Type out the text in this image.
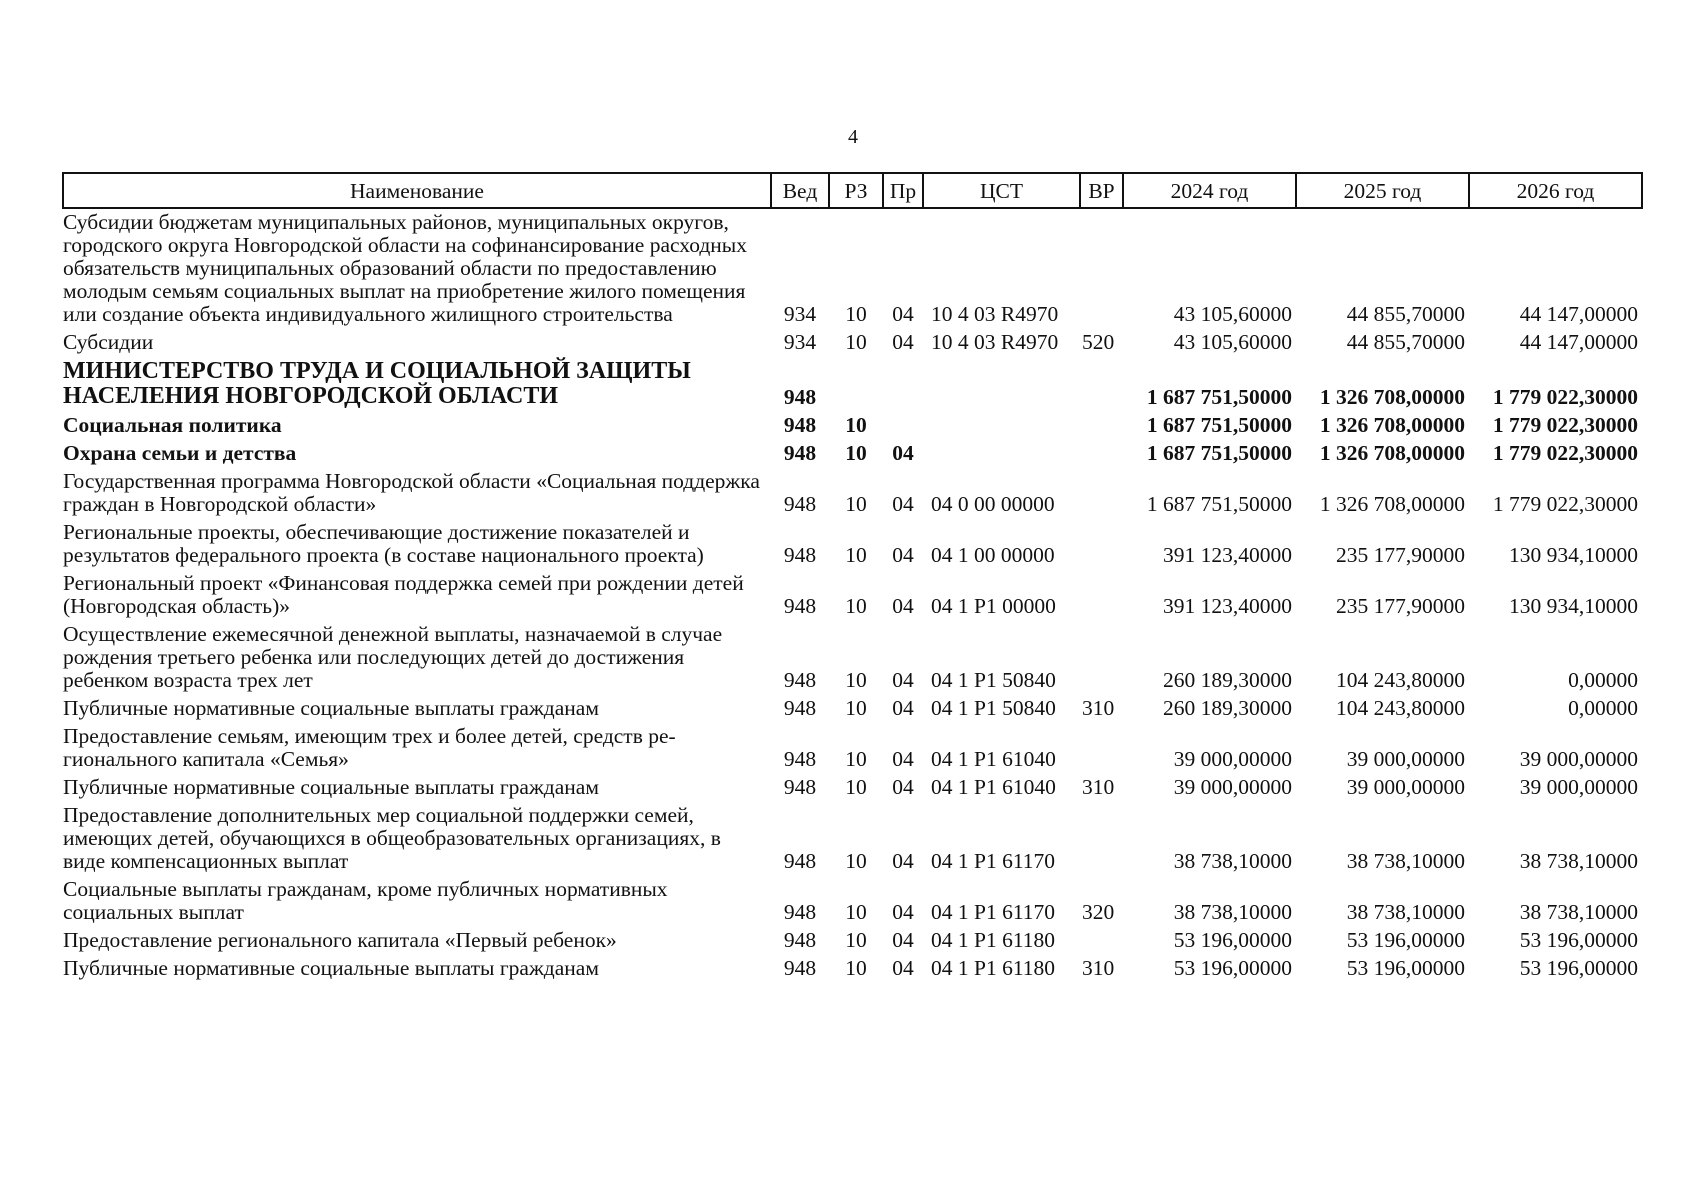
4
Наименование	Вед	РЗ	Пр	ЦСТ	ВР	2024 год	2025 год	2026 год
Субсидии бюджетам муниципальных районов, муниципальных округов, городского округа Новгородской области на софинансирование расходных обязательств муниципальных образований области по предоставлению молодым семьям социальных выплат на приобретение жилого помещения или создание объекта индивидуального жилищного строительства	934	10	04	10 4 03 R4970		43 105,60000	44 855,70000	44 147,00000
Субсидии	934	10	04	10 4 03 R4970	520	43 105,60000	44 855,70000	44 147,00000
МИНИСТЕРСТВО ТРУДА И СОЦИАЛЬНОЙ ЗАЩИТЫ НАСЕЛЕНИЯ НОВГОРОДСКОЙ ОБЛАСТИ	948					1 687 751,50000	1 326 708,00000	1 779 022,30000
Социальная политика	948	10				1 687 751,50000	1 326 708,00000	1 779 022,30000
Охрана семьи и детства	948	10	04			1 687 751,50000	1 326 708,00000	1 779 022,30000
Государственная программа Новгородской области «Социальная поддержка граждан в Новгородской области»	948	10	04	04 0 00 00000		1 687 751,50000	1 326 708,00000	1 779 022,30000
Региональные проекты, обеспечивающие достижение показателей и результатов федерального проекта (в составе национального проекта)	948	10	04	04 1 00 00000		391 123,40000	235 177,90000	130 934,10000
Региональный проект «Финансовая поддержка семей при рождении детей (Новгородская область)»	948	10	04	04 1 P1 00000		391 123,40000	235 177,90000	130 934,10000
Осуществление ежемесячной денежной выплаты, назначаемой в случае рождения третьего ребенка или последующих детей до достижения ребенком возраста трех лет	948	10	04	04 1 P1 50840		260 189,30000	104 243,80000	0,00000
Публичные нормативные социальные выплаты гражданам	948	10	04	04 1 P1 50840	310	260 189,30000	104 243,80000	0,00000
Предоставление семьям, имеющим трех и более детей, средств регионального капитала «Семья»	948	10	04	04 1 P1 61040		39 000,00000	39 000,00000	39 000,00000
Публичные нормативные социальные выплаты гражданам	948	10	04	04 1 P1 61040	310	39 000,00000	39 000,00000	39 000,00000
Предоставление дополнительных мер социальной поддержки семей, имеющих детей, обучающихся в общеобразовательных организациях, в виде компенсационных выплат	948	10	04	04 1 P1 61170		38 738,10000	38 738,10000	38 738,10000
Социальные выплаты гражданам, кроме публичных нормативных социальных выплат	948	10	04	04 1 P1 61170	320	38 738,10000	38 738,10000	38 738,10000
Предоставление регионального капитала «Первый ребенок»	948	10	04	04 1 P1 61180		53 196,00000	53 196,00000	53 196,00000
Публичные нормативные социальные выплаты гражданам	948	10	04	04 1 P1 61180	310	53 196,00000	53 196,00000	53 196,00000
